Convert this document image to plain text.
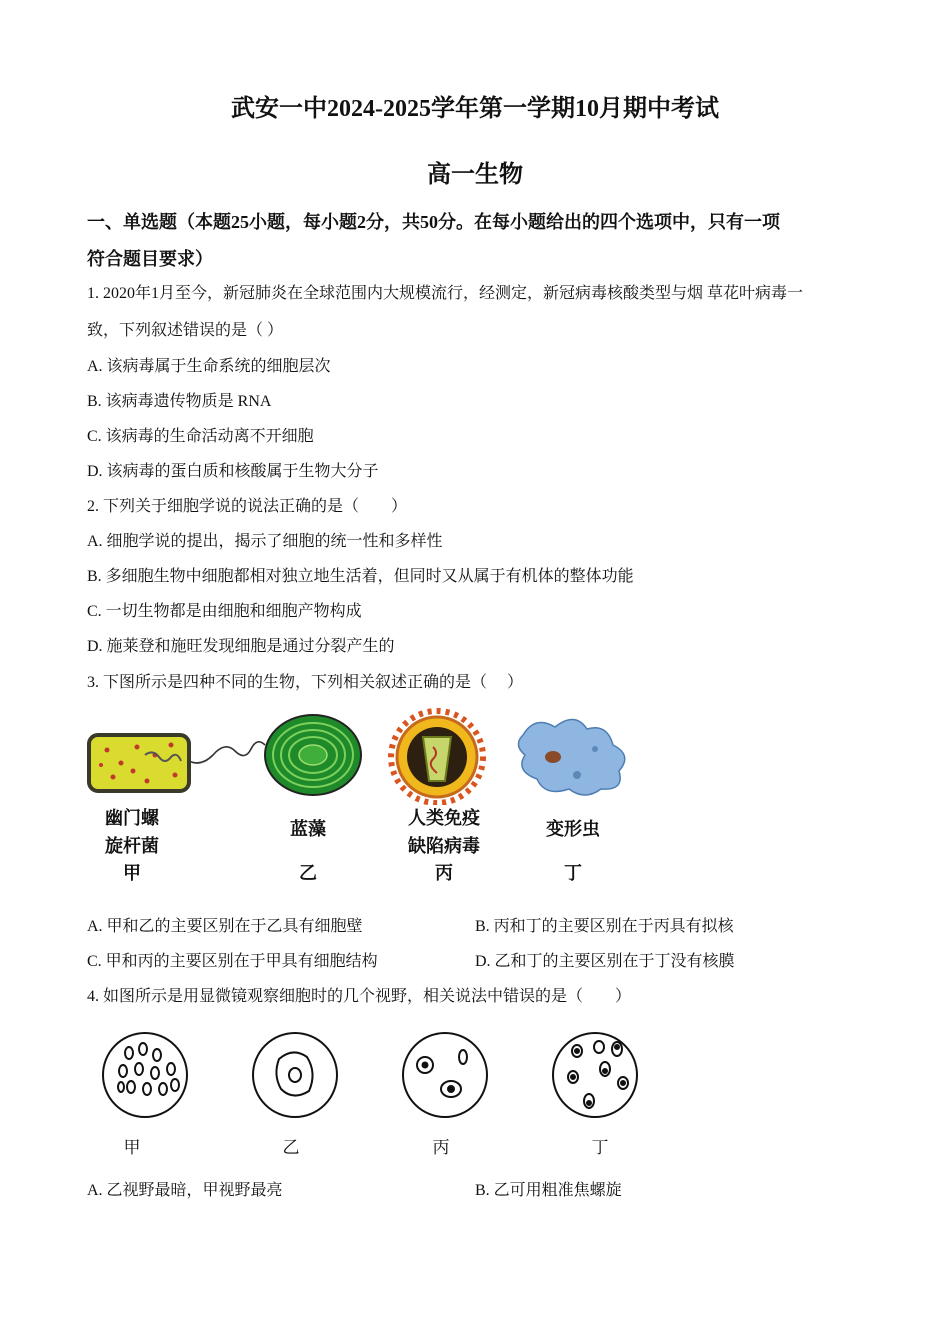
武安一中2024-2025学年第一学期10月期中考试
高一生物
一、单选题（本题25小题，每小题2分，共50分。在每小题给出的四个选项中，只有一项
符合题目要求）
1. 2020年1月至今，新冠肺炎在全球范围内大规模流行，经测定，新冠病毒核酸类型与烟 草花叶病毒一
致，下列叙述错误的是（ ）
A. 该病毒属于生命系统的细胞层次
B. 该病毒遗传物质是 RNA
C. 该病毒的生命活动离不开细胞
D. 该病毒的蛋白质和核酸属于生物大分子
2. 下列关于细胞学说的说法正确的是（　　）
A. 细胞学说的提出，揭示了细胞的统一性和多样性
B. 多细胞生物中细胞都相对独立地生活着，但同时又从属于有机体的整体功能
C. 一切生物都是由细胞和细胞产物构成
D. 施莱登和施旺发现细胞是通过分裂产生的
3. 下图所示是四种不同的生物，下列相关叙述正确的是（　 ）
幽门螺
旋杆菌
甲
蓝藻
乙
人类免疫
缺陷病毒
丙
变形虫
丁
A. 甲和乙的主要区别在于乙具有细胞壁	B. 丙和丁的主要区别在于丙具有拟核
C. 甲和丙的主要区别在于甲具有细胞结构	D. 乙和丁的主要区别在于丁没有核膜
4. 如图所示是用显微镜观察细胞时的几个视野，相关说法中错误的是（　　）
甲	乙	丙	丁
A. 乙视野最暗，甲视野最亮	B. 乙可用粗准焦螺旋
